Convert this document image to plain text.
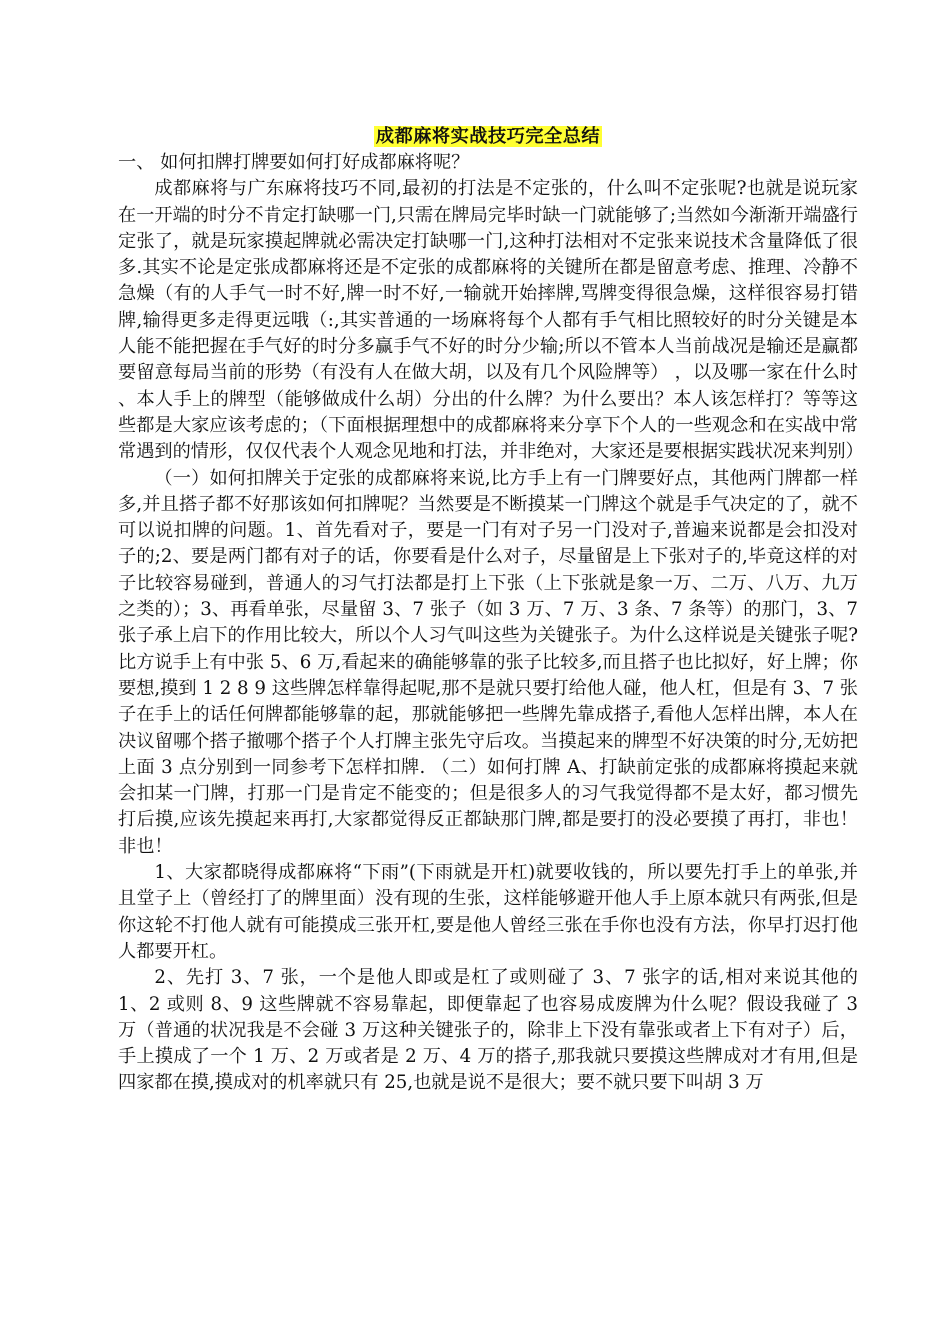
成都麻将实战技巧完全总结

一、 如何扣牌打牌要如何打好成都麻将呢？

成都麻将与广东麻将技巧不同,最初的打法是不定张的，什么叫不定张呢?也就是说玩家在一开端的时分不肯定打缺哪一门,只需在牌局完毕时缺一门就能够了;当然如今渐渐开端盛行定张了，就是玩家摸起牌就必需决定打缺哪一门,这种打法相对不定张来说技术含量降低了很多.其实不论是定张成都麻将还是不定张的成都麻将的关键所在都是留意考虑、推理、冷静不急燥（有的人手气一时不好,牌一时不好,一输就开始摔牌,骂牌变得很急燥，这样很容易打错牌,输得更多走得更远哦（:,其实普通的一场麻将每个人都有手气相比照较好的时分关键是本人能不能把握在手气好的时分多赢手气不好的时分少输;所以不管本人当前战况是输还是赢都要留意每局当前的形势（有没有人在做大胡，以及有几个风险牌等） ，以及哪一家在什么时 、本人手上的牌型（能够做成什么胡）分出的什么牌？为什么要出？本人该怎样打？等等这些都是大家应该考虑的；（下面根据理想中的成都麻将来分享下个人的一些观念和在实战中常常遇到的情形，仅仅代表个人观念见地和打法，并非绝对，大家还是要根据实践状况来判别）

（一）如何扣牌关于定张的成都麻将来说,比方手上有一门牌要好点，其他两门牌都一样多,并且搭子都不好那该如何扣牌呢？当然要是不断摸某一门牌这个就是手气决定的了，就不可以说扣牌的问题。1、首先看对子，要是一门有对子另一门没对子,普遍来说都是会扣没对子的;2、要是两门都有对子的话，你要看是什么对子，尽量留是上下张对子的,毕竟这样的对子比较容易碰到，普通人的习气打法都是打上下张（上下张就是象一万、二万、八万、九万之类的）；3、再看单张，尽量留 3、7 张子（如 3 万、7 万、3 条、7 条等）的那门，3、7 张子承上启下的作用比较大，所以个人习气叫这些为关键张子。为什么这样说是关键张子呢?比方说手上有中张 5、6 万,看起来的确能够靠的张子比较多,而且搭子也比拟好，好上牌；你要想,摸到 1 2 8 9 这些牌怎样靠得起呢,那不是就只要打给他人碰，他人杠，但是有 3、7 张子在手上的话任何牌都能够靠的起，那就能够把一些牌先靠成搭子,看他人怎样出牌，本人在决议留哪个搭子撤哪个搭子个人打牌主张先守后攻。当摸起来的牌型不好决策的时分,无妨把上面 3 点分别到一同参考下怎样扣牌. （二）如何打牌 A、打缺前定张的成都麻将摸起来就会扣某一门牌，打那一门是肯定不能变的；但是很多人的习气我觉得都不是太好，都习惯先打后摸,应该先摸起来再打,大家都觉得反正都缺那门牌,都是要打的没必要摸了再打，非也！非也！

1、大家都晓得成都麻将“下雨”(下雨就是开杠)就要收钱的，所以要先打手上的单张,并且堂子上（曾经打了的牌里面）没有现的生张，这样能够避开他人手上原本就只有两张,但是你这轮不打他人就有可能摸成三张开杠,要是他人曾经三张在手你也没有方法，你早打迟打他人都要开杠。

2、先打 3、7 张，一个是他人即或是杠了或则碰了 3、7 张字的话,相对来说其他的 1、2 或则 8、9 这些牌就不容易靠起，即便靠起了也容易成废牌为什么呢？假设我碰了 3 万（普通的状况我是不会碰 3 万这种关键张子的，除非上下没有靠张或者上下有对子）后，手上摸成了一个 1 万、2 万或者是 2 万、4 万的搭子,那我就只要摸这些牌成对才有用,但是四家都在摸,摸成对的机率就只有 25,也就是说不是很大；要不就只要下叫胡 3 万
